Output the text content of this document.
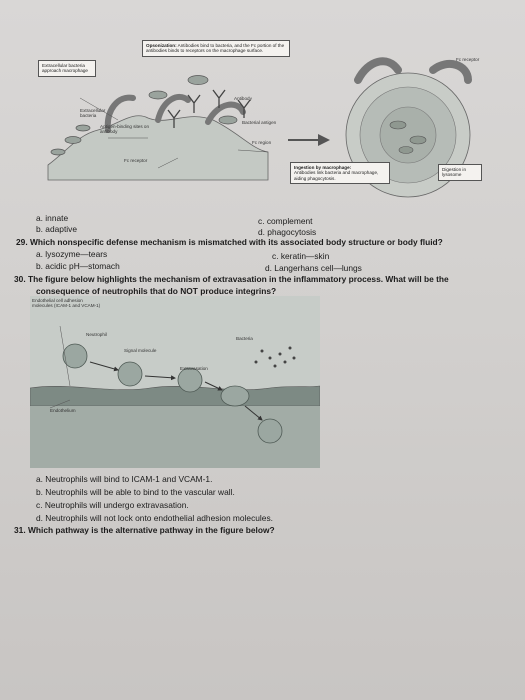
Opsonization: Antibodies bind to bacteria, and the Fc portion of the antibodies binds to receptors on the macrophage surface.
Extracellular bacteria approach macrophage
Extracellular bacteria
Antigen-binding sites on antibody
Antibody
Bacterial antigen
Fc region
Fc receptor
Fc receptor
Ingestion by macrophage:
Antibodies link bacteria and macrophage, aiding phagocytosis.
Digestion in lysosome
a. innate
b. adaptive
c. complement
d. phagocytosis
29. Which nonspecific defense mechanism is mismatched with its associated body structure or body fluid?
a. lysozyme—tears
b. acidic pH—stomach
c. keratin—skin
d. Langerhans cell—lungs
30. The figure below highlights the mechanism of extravasation in the inflammatory process. What will be the
consequence of neutrophils that do NOT produce integrins?
Endothelial cell adhesion molecules (ICAM-1 and VCAM-1)
Neutrophil
Signal molecule
Bacteria
Extravasation
Endothelium
a. Neutrophils will bind to ICAM-1 and VCAM-1.
b. Neutrophils will be able to bind to the vascular wall.
c. Neutrophils will undergo extravasation.
d. Neutrophils will not lock onto endothelial adhesion molecules.
31. Which pathway is the alternative pathway in the figure below?
